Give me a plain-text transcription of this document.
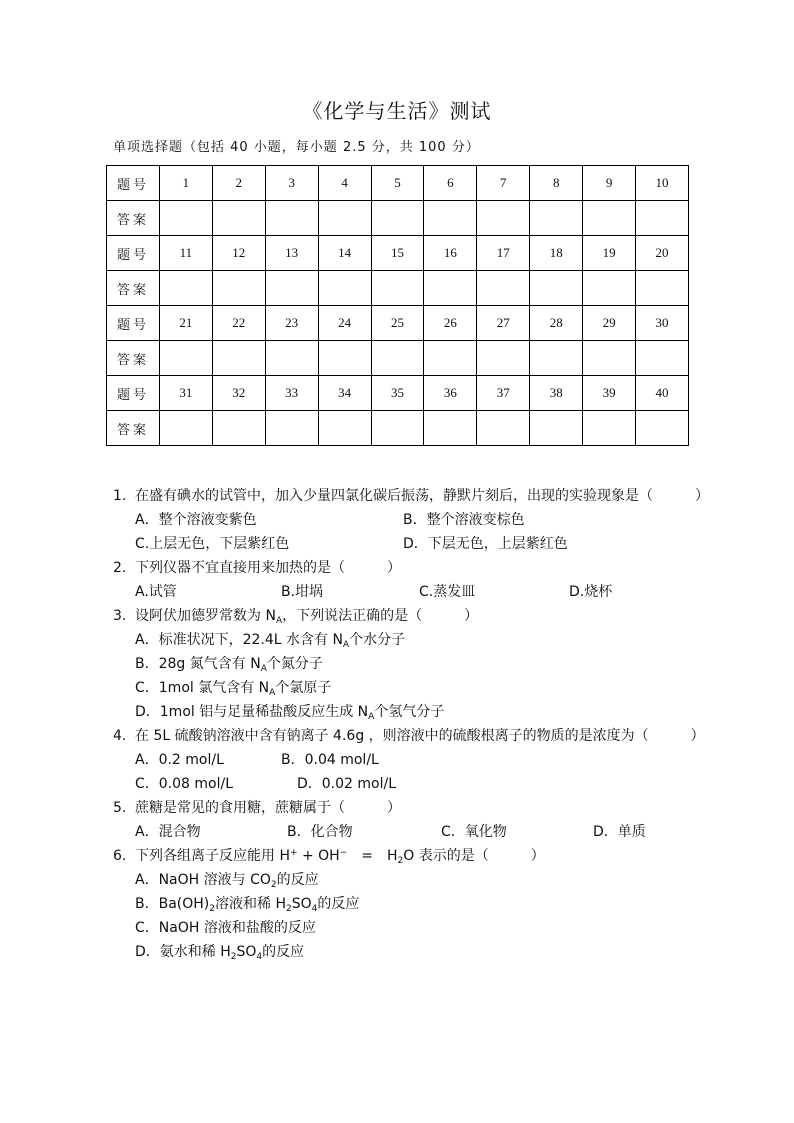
《化学与生活》测试
单项选择题（包括 40 小题，每小题 2.5 分，共 100 分）
题号	1	2	3	4	5	6	7	8	9	10
答案										
题号	11	12	13	14	15	16	17	18	19	20
答案										
题号	21	22	23	24	25	26	27	28	29	30
答案										
题号	31	32	33	34	35	36	37	38	39	40
答案										
1. 在盛有碘水的试管中，加入少量四氯化碳后振荡，静默片刻后，出现的实验现象是（　　　）
A．整个溶液变紫色	B．整个溶液变棕色
C.上层无色，下层紫红色	D．下层无色，上层紫红色
2. 下列仪器不宜直接用来加热的是（　　　）
A.试管	B.坩埚	C.蒸发皿	D.烧杯
3. 设阿伏加德罗常数为 $N_A$，下列说法正确的是（　　　）
A．标准状况下，22.4L 水含有 $N_A$个水分子
B．28g 氮气含有 $N_A$个氮分子
C．1mol 氯气含有 $N_A$个氯原子
D．1mol 铝与足量稀盐酸反应生成 $N_A$个氢气分子
4. 在 5L 硫酸钠溶液中含有钠离子 4.6g ，则溶液中的硫酸根离子的物质的是浓度为（　　　）
A．0.2 mol/L	B．0.04 mol/L
C．0.08 mol/L	D．0.02 mol/L
5. 蔗糖是常见的食用糖，蔗糖属于（　　　）
A．混合物	B．化合物	C．氧化物	D．单质
6. 下列各组离子反应能用 H+ + OH−　=　$H_2O$ 表示的是（　　　）
A．NaOH 溶液与 $CO_2$的反应
B．$Ba(OH)_2$溶液和稀 $H_2SO_4$的反应
C．NaOH 溶液和盐酸的反应
D．氨水和稀 $H_2SO_4$的反应
